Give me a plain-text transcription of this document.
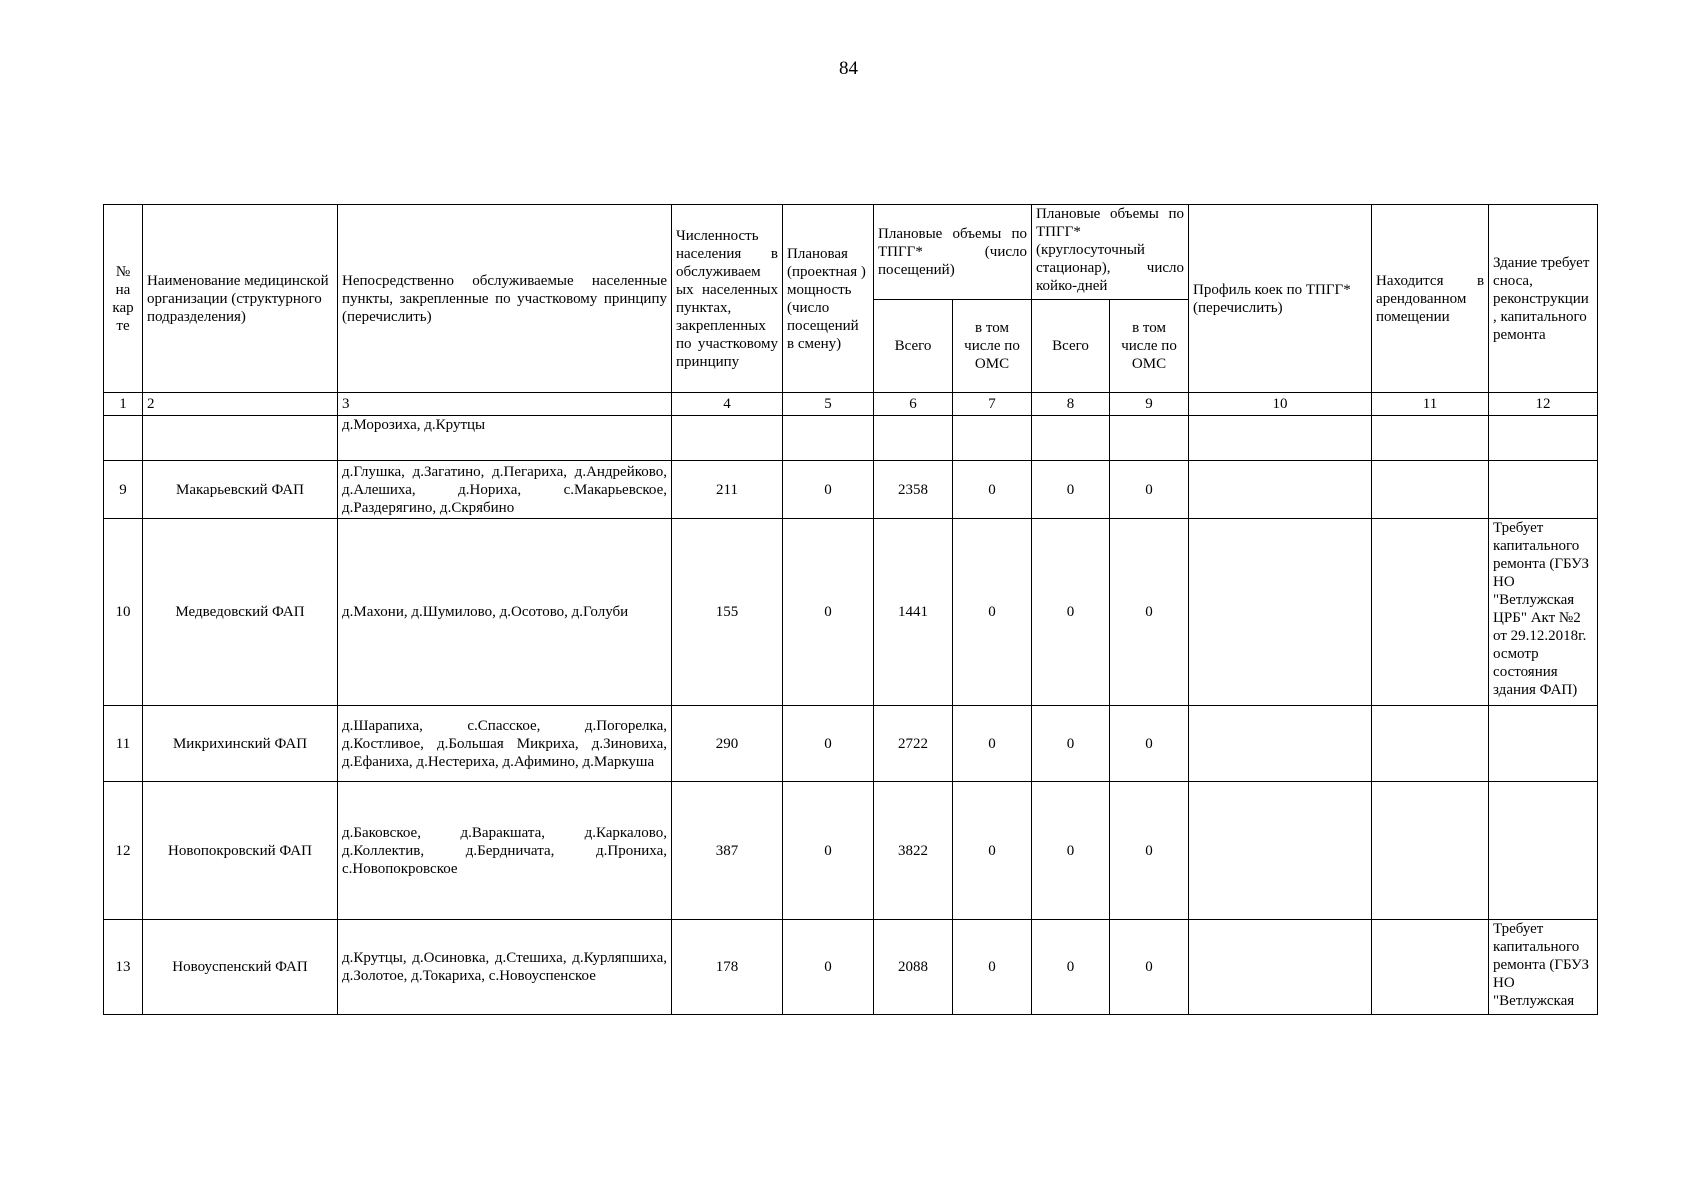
84
№ на кар те	Наименование медицинской организации (структурного подразделения)	Непосредственно обслуживаемые населенные пункты, закрепленные по участковому принципу (перечислить)	Численность населения в обслуживаем ых населенных пунктах, закрепленных по участковому принципу	Плановая (проектная ) мощность (число посещений в смену)	Плановые объемы по ТПГГ* (число посещений)		Плановые объемы по ТПГГ* (круглосуточный стационар), число койко-дней		Профиль коек по ТПГГ* (перечислить)	Находится в арендованном помещении	Здание требует сноса, реконструкции , капитального ремонта
					Всего	в том числе по ОМС	Всего	в том числе по ОМС			
1	2	3	4	5	6	7	8	9	10	11	12
		д.Морозиха, д.Крутцы									
9	Макарьевский ФАП	д.Глушка, д.Загатино, д.Пегариха, д.Андрейково, д.Алешиха, д.Нориха, с.Макарьевское, д.Раздерягино, д.Скрябино	211	0	2358	0	0	0			
10	Медведовский ФАП	д.Махони, д.Шумилово, д.Осотово, д.Голуби	155	0	1441	0	0	0			Требует капитального ремонта (ГБУЗ НО "Ветлужская ЦРБ" Акт №2 от 29.12.2018г. осмотр состояния здания ФАП)
11	Микрихинский ФАП	д.Шарапиха, с.Спасское, д.Погорелка, д.Костливое, д.Большая Микриха, д.Зиновиха, д.Ефаниха, д.Нестериха, д.Афимино, д.Маркуша	290	0	2722	0	0	0			
12	Новопокровский ФАП	д.Баковское, д.Варакшата, д.Каркалово, д.Коллектив, д.Бердничата, д.Прониха, с.Новопокровское	387	0	3822	0	0	0			
13	Новоуспенский ФАП	д.Крутцы, д.Осиновка, д.Стешиха, д.Курляпшиха, д.Золотое, д.Токариха, с.Новоуспенское	178	0	2088	0	0	0			Требует капитального ремонта (ГБУЗ НО "Ветлужская
